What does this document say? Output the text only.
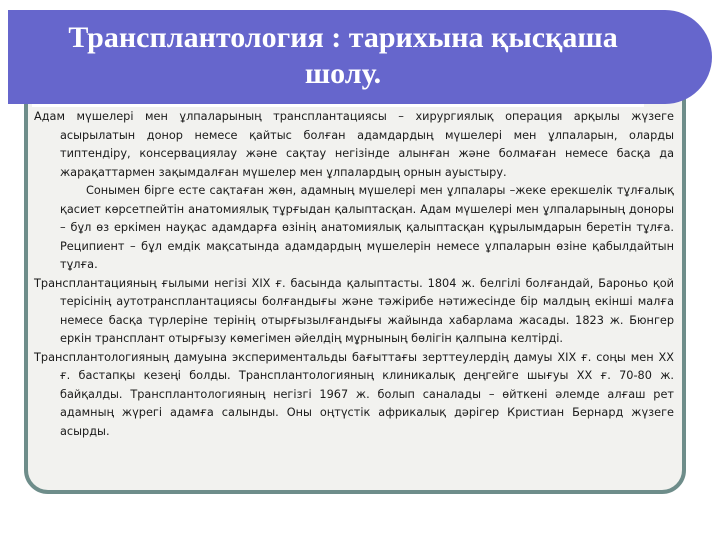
Трансплантология : тарихына қысқаша шолу.

Адам мүшелері мен ұлпаларының трансплантациясы – хирургиялық операция арқылы жүзеге асырылатын донор немесе қайтыс болған адамдардың мүшелері мен ұлпаларын, оларды типтендіру, консервациялау және сақтау негізінде алынған және болмаған немесе басқа да жарақаттармен зақымдалған мүшелер мен ұлпалардың орнын ауыстыру.

Сонымен бірге есте сақтаған жөн, адамның мүшелері мен ұлпалары –жеке ерекшелік тұлғалық қасиет көрсетпейтін анатомиялық тұрғыдан қалыптасқан. Адам мүшелері мен ұлпаларының доноры – бұл өз еркімен науқас адамдарға өзінің анатомиялық қалыптасқан құрылымдарын беретін тұлға. Реципиент – бұл емдік мақсатында адамдардың мүшелерін немесе ұлпаларын өзіне қабылдайтын тұлға.

Трансплантацияның ғылыми негізі ХІХ ғ. басында қалыптасты. 1804 ж. белгілі болғандай, Бароньо қой терісінің аутотрансплантациясы болғандығы және тәжірибе нәтижесінде бір малдың екінші малға немесе басқа түрлеріне терінің отырғызылғандығы жайында хабарлама жасады. 1823 ж. Бюнгер еркін трансплант отырғызу көмегімен әйелдің мұрнының бөлігін қалпына келтірді.

Трансплантологияның дамуына экспериментальды бағыттағы зерттеулердің дамуы ХІХ ғ. соңы мен ХХ ғ. бастапқы кезеңі болды. Трансплантологияның клиникалық деңгейге шығуы ХХ ғ. 70-80 ж. байқалды. Трансплантологияның негізгі 1967 ж. болып саналады – өйткені әлемде алғаш рет адамның жүрегі адамға салынды. Оны оңтүстік африкалық дәрігер Кристиан Бернард жүзеге асырды.
